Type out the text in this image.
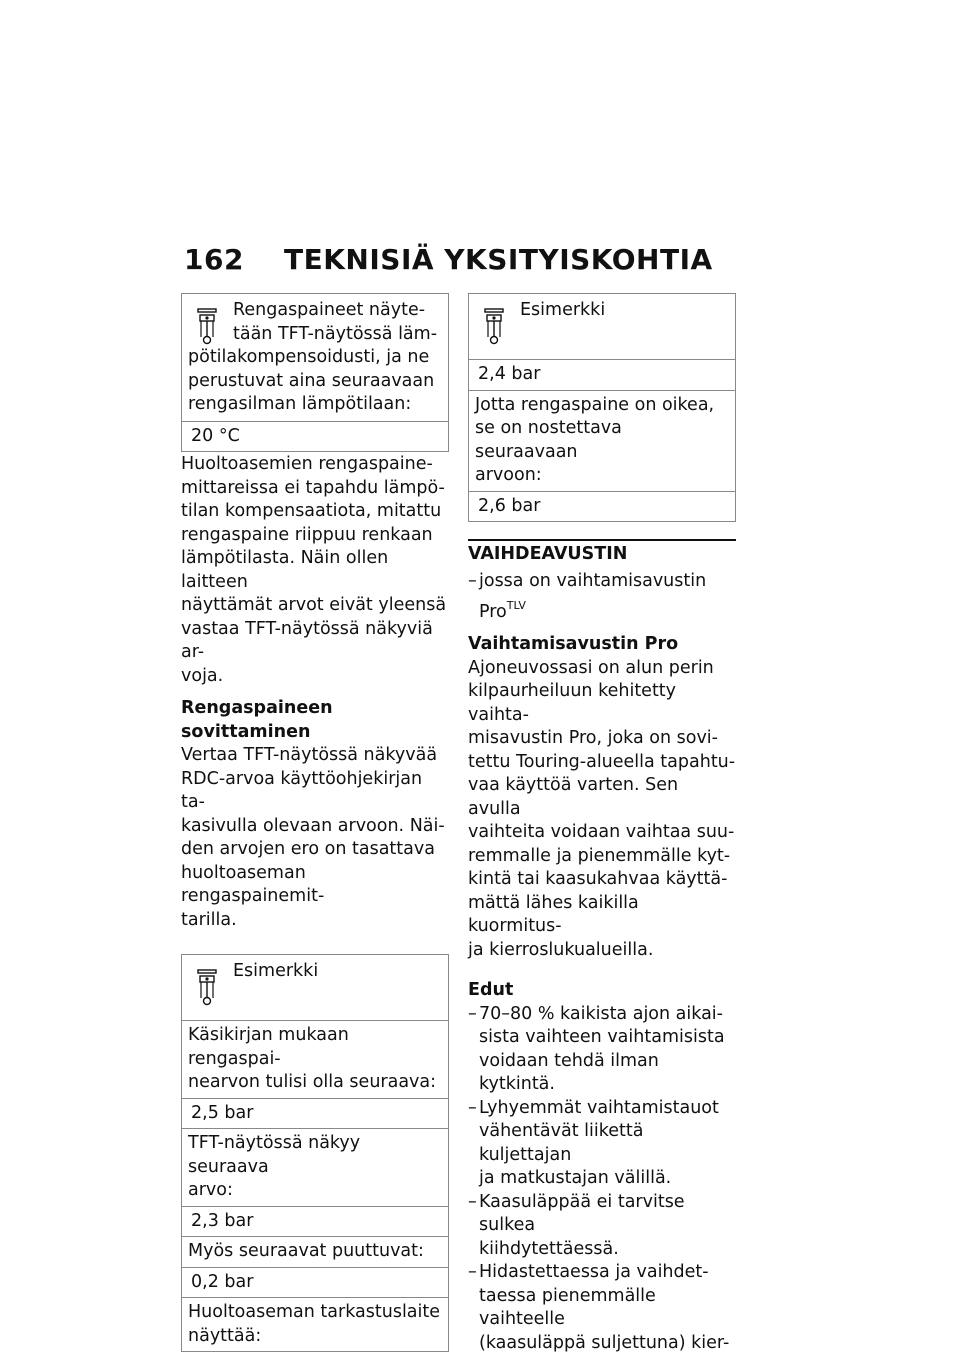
162 TEKNISIÄ YKSITYISKOHTIA
Rengaspaineet näyte-
tään TFT-näytössä läm-
pötilakompensoidusti, ja ne
perustuvat aina seuraavaan
rengasilman lämpötilaan:
20 °C
Huoltoasemien rengaspaine-
mittareissa ei tapahdu lämpö-
tilan kompensaatiota, mitattu
rengaspaine riippuu renkaan
lämpötilasta. Näin ollen laitteen
näyttämät arvot eivät yleensä
vastaa TFT-näytössä näkyviä ar-
voja.
Rengaspaineen sovittaminen
Vertaa TFT-näytössä näkyvää
RDC-arvoa käyttöohjekirjan ta-
kasivulla olevaan arvoon. Näi-
den arvojen ero on tasattava
huoltoaseman rengaspainemit-
tarilla.
Esimerkki
Käsikirjan mukaan rengaspai-
nearvon tulisi olla seuraava:
2,5 bar
TFT-näytössä näkyy seuraava
arvo:
2,3 bar
Myös seuraavat puuttuvat:
0,2 bar
Huoltoaseman tarkastuslaite
näyttää:
Esimerkki
2,4 bar
Jotta rengaspaine on oikea,
se on nostettava seuraavaan
arvoon:
2,6 bar
VAIHDEAVUSTIN
– jossa on vaihtamisavustin
Pro$^{TLV}$
Vaihtamisavustin Pro
Ajoneuvossasi on alun perin
kilpaurheiluun kehitetty vaihta-
misavustin Pro, joka on sovi-
tettu Touring-alueella tapahtu-
vaa käyttöä varten. Sen avulla
vaihteita voidaan vaihtaa suu-
remmalle ja pienemmälle kyt-
kintä tai kaasukahvaa käyttä-
mättä lähes kaikilla kuormitus-
ja kierroslukualueilla.
Edut
– 70–80 % kaikista ajon aikai-
sista vaihteen vaihtamisista
voidaan tehdä ilman kytkintä.
– Lyhyemmät vaihtamistauot
vähentävät liikettä kuljettajan
ja matkustajan välillä.
– Kaasuläppää ei tarvitse sulkea
kiihdytettäessä.
– Hidastettaessa ja vaihdet-
taessa pienemmälle vaihteelle
(kaasuläppä suljettuna) kier-
